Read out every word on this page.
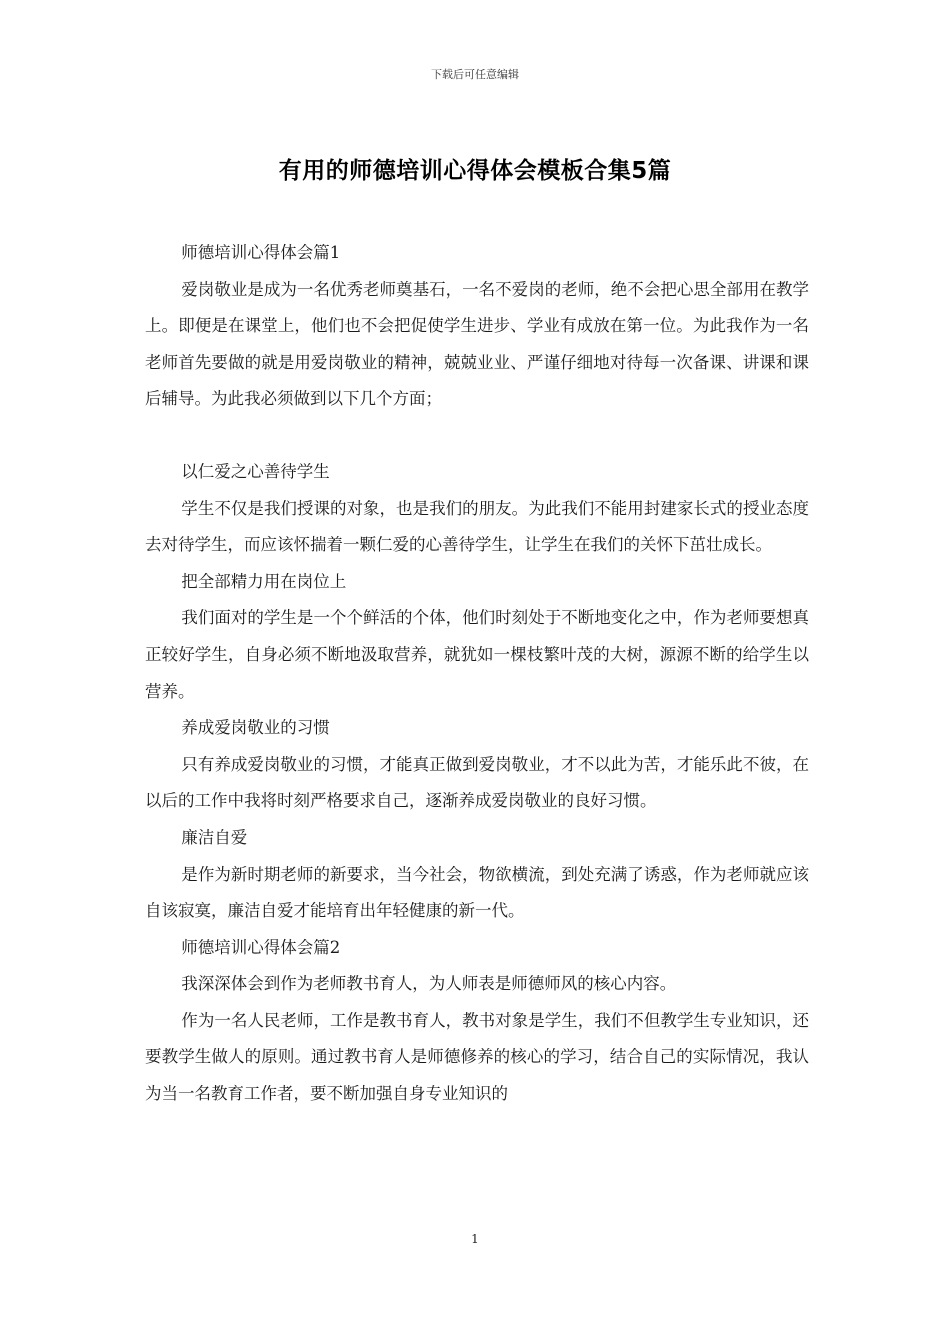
下载后可任意编辑
有用的师德培训心得体会模板合集5篇

师德培训心得体会篇1

爱岗敬业是成为一名优秀老师奠基石，一名不爱岗的老师，绝不会把心思全部用在教学上。即便是在课堂上，他们也不会把促使学生进步、学业有成放在第一位。为此我作为一名老师首先要做的就是用爱岗敬业的精神，兢兢业业、严谨仔细地对待每一次备课、讲课和课后辅导。为此我必须做到以下几个方面；

以仁爱之心善待学生

学生不仅是我们授课的对象，也是我们的朋友。为此我们不能用封建家长式的授业态度去对待学生，而应该怀揣着一颗仁爱的心善待学生，让学生在我们的关怀下茁壮成长。

把全部精力用在岗位上

我们面对的学生是一个个鲜活的个体，他们时刻处于不断地变化之中，作为老师要想真正较好学生，自身必须不断地汲取营养，就犹如一棵枝繁叶茂的大树，源源不断的给学生以营养。

养成爱岗敬业的习惯

只有养成爱岗敬业的习惯，才能真正做到爱岗敬业，才不以此为苦，才能乐此不彼，在以后的工作中我将时刻严格要求自己，逐渐养成爱岗敬业的良好习惯。

廉洁自爱

是作为新时期老师的新要求，当今社会，物欲横流，到处充满了诱惑，作为老师就应该自该寂寞，廉洁自爱才能培育出年轻健康的新一代。

师德培训心得体会篇2

我深深体会到作为老师教书育人，为人师表是师德师风的核心内容。

作为一名人民老师，工作是教书育人，教书对象是学生，我们不但教学生专业知识，还要教学生做人的原则。通过教书育人是师德修养的核心的学习，结合自己的实际情况，我认为当一名教育工作者，要不断加强自身专业知识的

1
